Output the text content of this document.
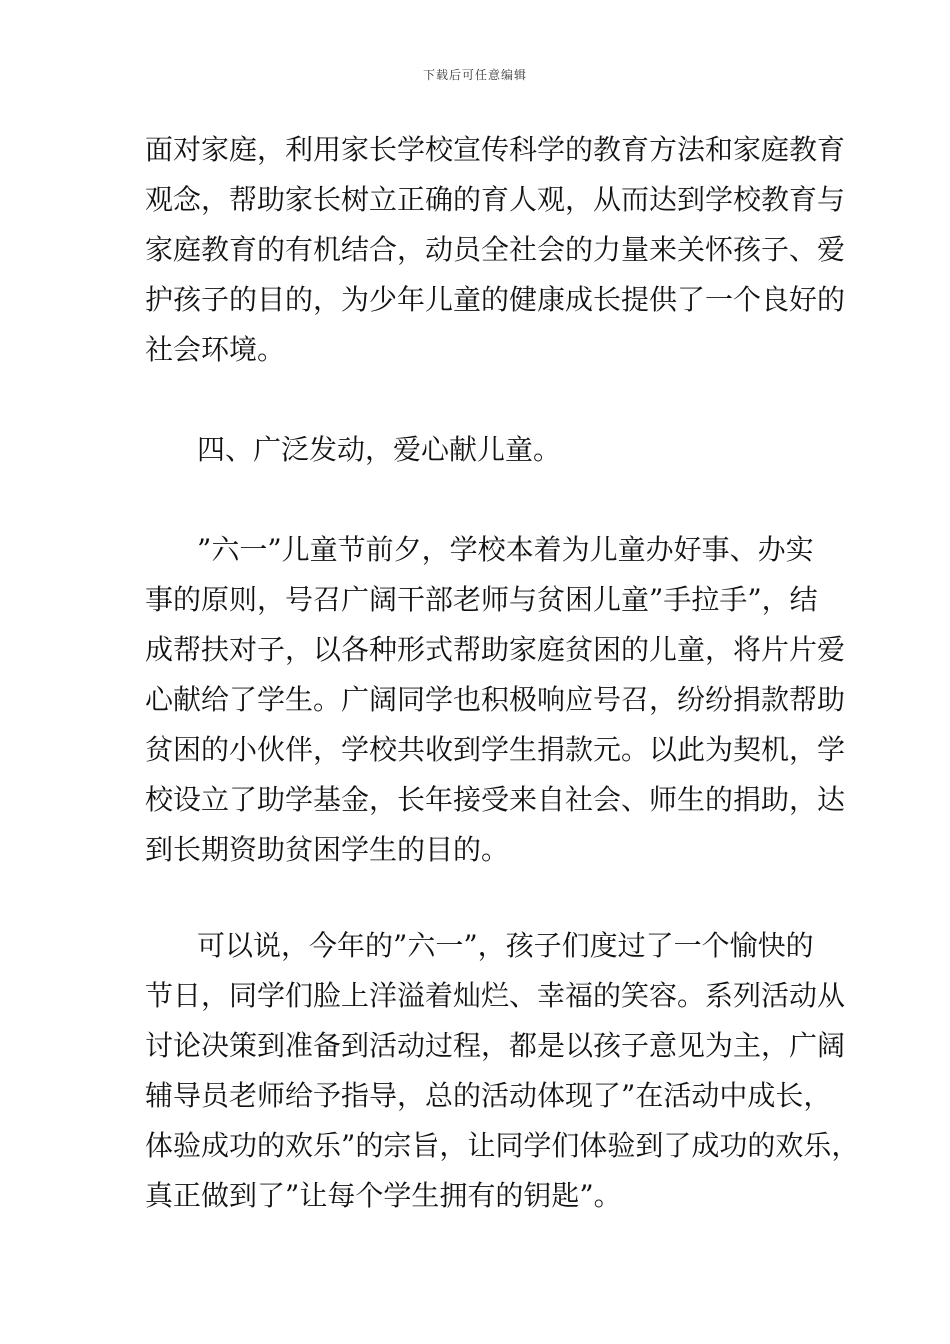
下载后可任意编辑
面对家庭，利用家长学校宣传科学的教育方法和家庭教育
观念，帮助家长树立正确的育人观，从而达到学校教育与
家庭教育的有机结合，动员全社会的力量来关怀孩子、爱
护孩子的目的，为少年儿童的健康成长提供了一个良好的
社会环境。
四、广泛发动，爱心献儿童。
”六一”儿童节前夕，学校本着为儿童办好事、办实
事的原则，号召广阔干部老师与贫困儿童”手拉手”，结
成帮扶对子，以各种形式帮助家庭贫困的儿童，将片片爱
心献给了学生。广阔同学也积极响应号召，纷纷捐款帮助
贫困的小伙伴，学校共收到学生捐款元。以此为契机，学
校设立了助学基金，长年接受来自社会、师生的捐助，达
到长期资助贫困学生的目的。
可以说，今年的”六一”，孩子们度过了一个愉快的
节日，同学们脸上洋溢着灿烂、幸福的笑容。系列活动从
讨论决策到准备到活动过程，都是以孩子意见为主，广阔
辅导员老师给予指导，总的活动体现了”在活动中成长，
体验成功的欢乐”的宗旨，让同学们体验到了成功的欢乐，
真正做到了”让每个学生拥有的钥匙”。
